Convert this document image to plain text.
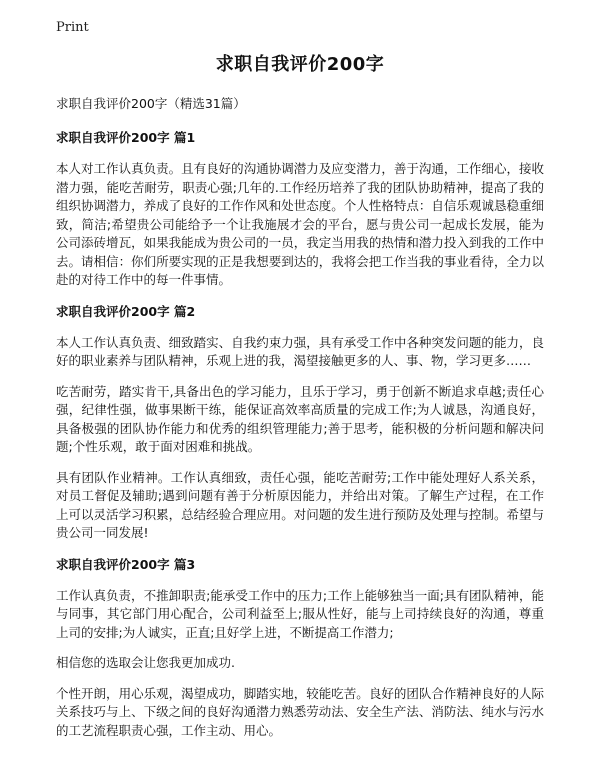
Print
求职自我评价200字
求职自我评价200字（精选31篇）
求职自我评价200字 篇1

本人对工作认真负责。且有良好的沟通协调潜力及应变潜力，善于沟通，工作细心，接收潜力强，能吃苦耐劳，职责心强;几年的.工作经历培养了我的团队协助精神，提高了我的组织协调潜力，养成了良好的工作作风和处世态度。个人性格特点：自信乐观诚恳稳重细致，简洁;希望贵公司能给予一个让我施展才会的平台，愿与贵公司一起成长发展，能为公司添砖增瓦，如果我能成为贵公司的一员，我定当用我的热情和潜力投入到我的工作中去。请相信：你们所要实现的正是我想要到达的，我将会把工作当我的事业看待，全力以赴的对待工作中的每一件事情。

求职自我评价200字 篇2

本人工作认真负责、细致踏实、自我约束力强，具有承受工作中各种突发问题的能力，良好的职业素养与团队精神，乐观上进的我，渴望接触更多的人、事、物，学习更多……

吃苦耐劳，踏实肯干,具备出色的学习能力，且乐于学习，勇于创新不断追求卓越;责任心强，纪律性强，做事果断干练，能保证高效率高质量的完成工作;为人诚恳，沟通良好，具备极强的团队协作能力和优秀的组织管理能力;善于思考，能积极的分析问题和解决问题;个性乐观，敢于面对困难和挑战。

具有团队作业精神。工作认真细致，责任心强，能吃苦耐劳;工作中能处理好人系关系，对员工督促及辅助;遇到问题有善于分析原因能力，并给出对策。了解生产过程，在工作上可以灵活学习积累，总结经验合理应用。对问题的发生进行预防及处理与控制。希望与贵公司一同发展!

求职自我评价200字 篇3

工作认真负责，不推卸职责;能承受工作中的压力;工作上能够独当一面;具有团队精神，能与同事，其它部门用心配合，公司利益至上;服从性好，能与上司持续良好的沟通，尊重上司的安排;为人诚实，正直;且好学上进，不断提高工作潜力;

相信您的选取会让您我更加成功.

个性开朗，用心乐观，渴望成功，脚踏实地，较能吃苦。良好的团队合作精神良好的人际关系技巧与上、下级之间的良好沟通潜力熟悉劳动法、安全生产法、消防法、纯水与污水的工艺流程职责心强，工作主动、用心。
